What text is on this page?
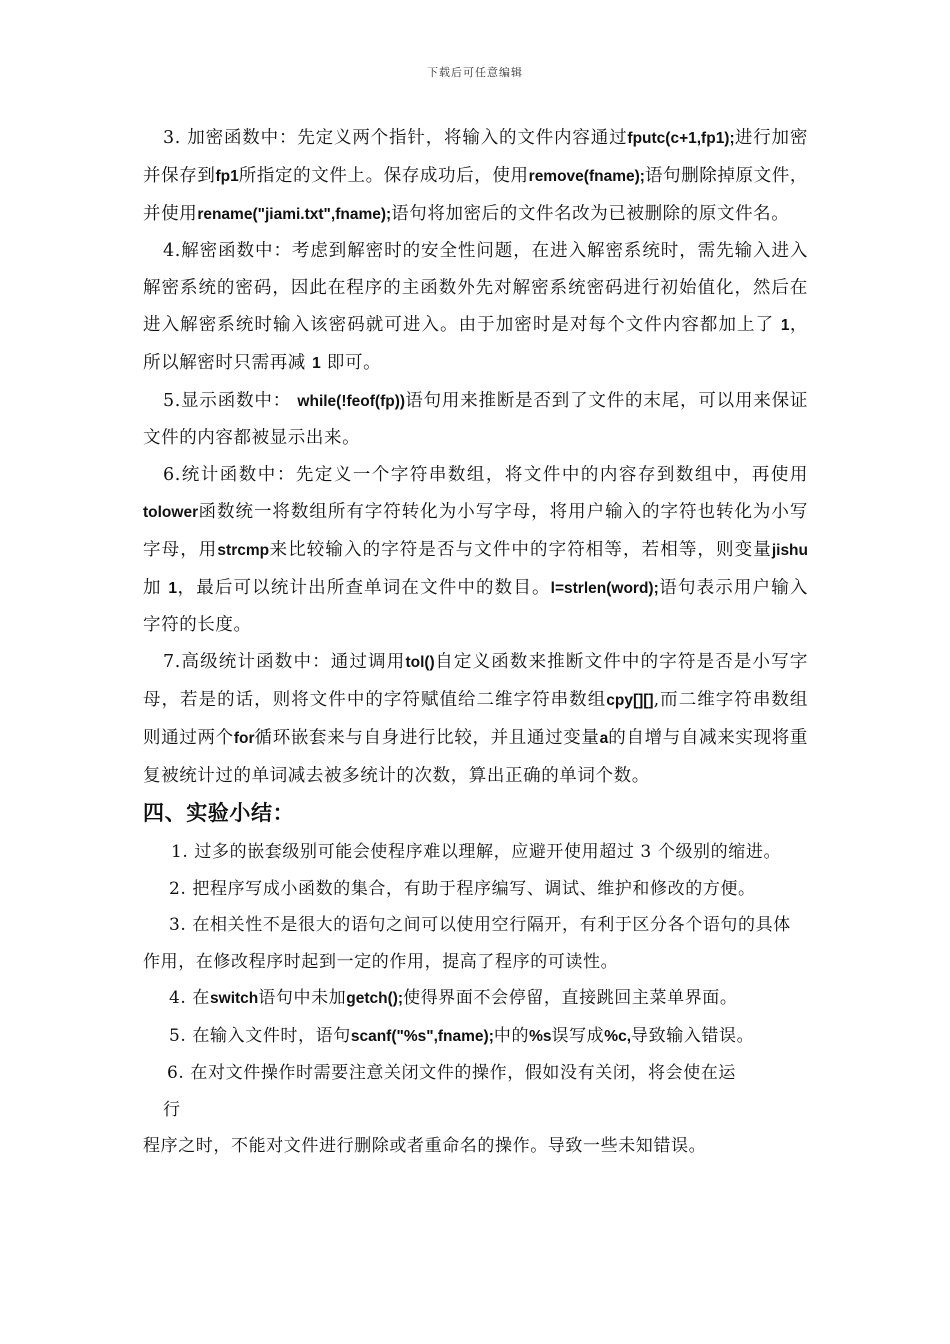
下载后可任意编辑

3. 加密函数中：先定义两个指针，将输入的文件内容通过fputc(c+1,fp1);进行加密并保存到fp1所指定的文件上。保存成功后，使用remove(fname);语句删除掉原文件，并使用rename("jiami.txt",fname);语句将加密后的文件名改为已被删除的原文件名。

4.解密函数中：考虑到解密时的安全性问题，在进入解密系统时，需先输入进入解密系统的密码，因此在程序的主函数外先对解密系统密码进行初始值化，然后在进入解密系统时输入该密码就可进入。由于加密时是对每个文件内容都加上了 1，所以解密时只需再减 1 即可。

5.显示函数中： while(!feof(fp))语句用来推断是否到了文件的末尾，可以用来保证文件的内容都被显示出来。

6.统计函数中：先定义一个字符串数组，将文件中的内容存到数组中，再使用tolower函数统一将数组所有字符转化为小写字母，将用户输入的字符也转化为小写字母，用strcmp来比较输入的字符是否与文件中的字符相等，若相等，则变量jishu加 1，最后可以统计出所查单词在文件中的数目。l=strlen(word);语句表示用户输入字符的长度。

7.高级统计函数中：通过调用tol()自定义函数来推断文件中的字符是否是小写字母，若是的话，则将文件中的字符赋值给二维字符串数组cpy[][],而二维字符串数组则通过两个for循环嵌套来与自身进行比较，并且通过变量a的自增与自减来实现将重复被统计过的单词减去被多统计的次数，算出正确的单词个数。

四、实验小结：

1. 过多的嵌套级别可能会使程序难以理解，应避开使用超过 3 个级别的缩进。

2. 把程序写成小函数的集合，有助于程序编写、调试、维护和修改的方便。

3. 在相关性不是很大的语句之间可以使用空行隔开，有利于区分各个语句的具体作用，在修改程序时起到一定的作用，提高了程序的可读性。

4. 在switch语句中未加getch();使得界面不会停留，直接跳回主菜单界面。

5. 在输入文件时，语句scanf("%s",fname);中的%s误写成%c,导致输入错误。

6. 在对文件操作时需要注意关闭文件的操作，假如没有关闭，将会使在运

行

程序之时，不能对文件进行删除或者重命名的操作。导致一些未知错误。
